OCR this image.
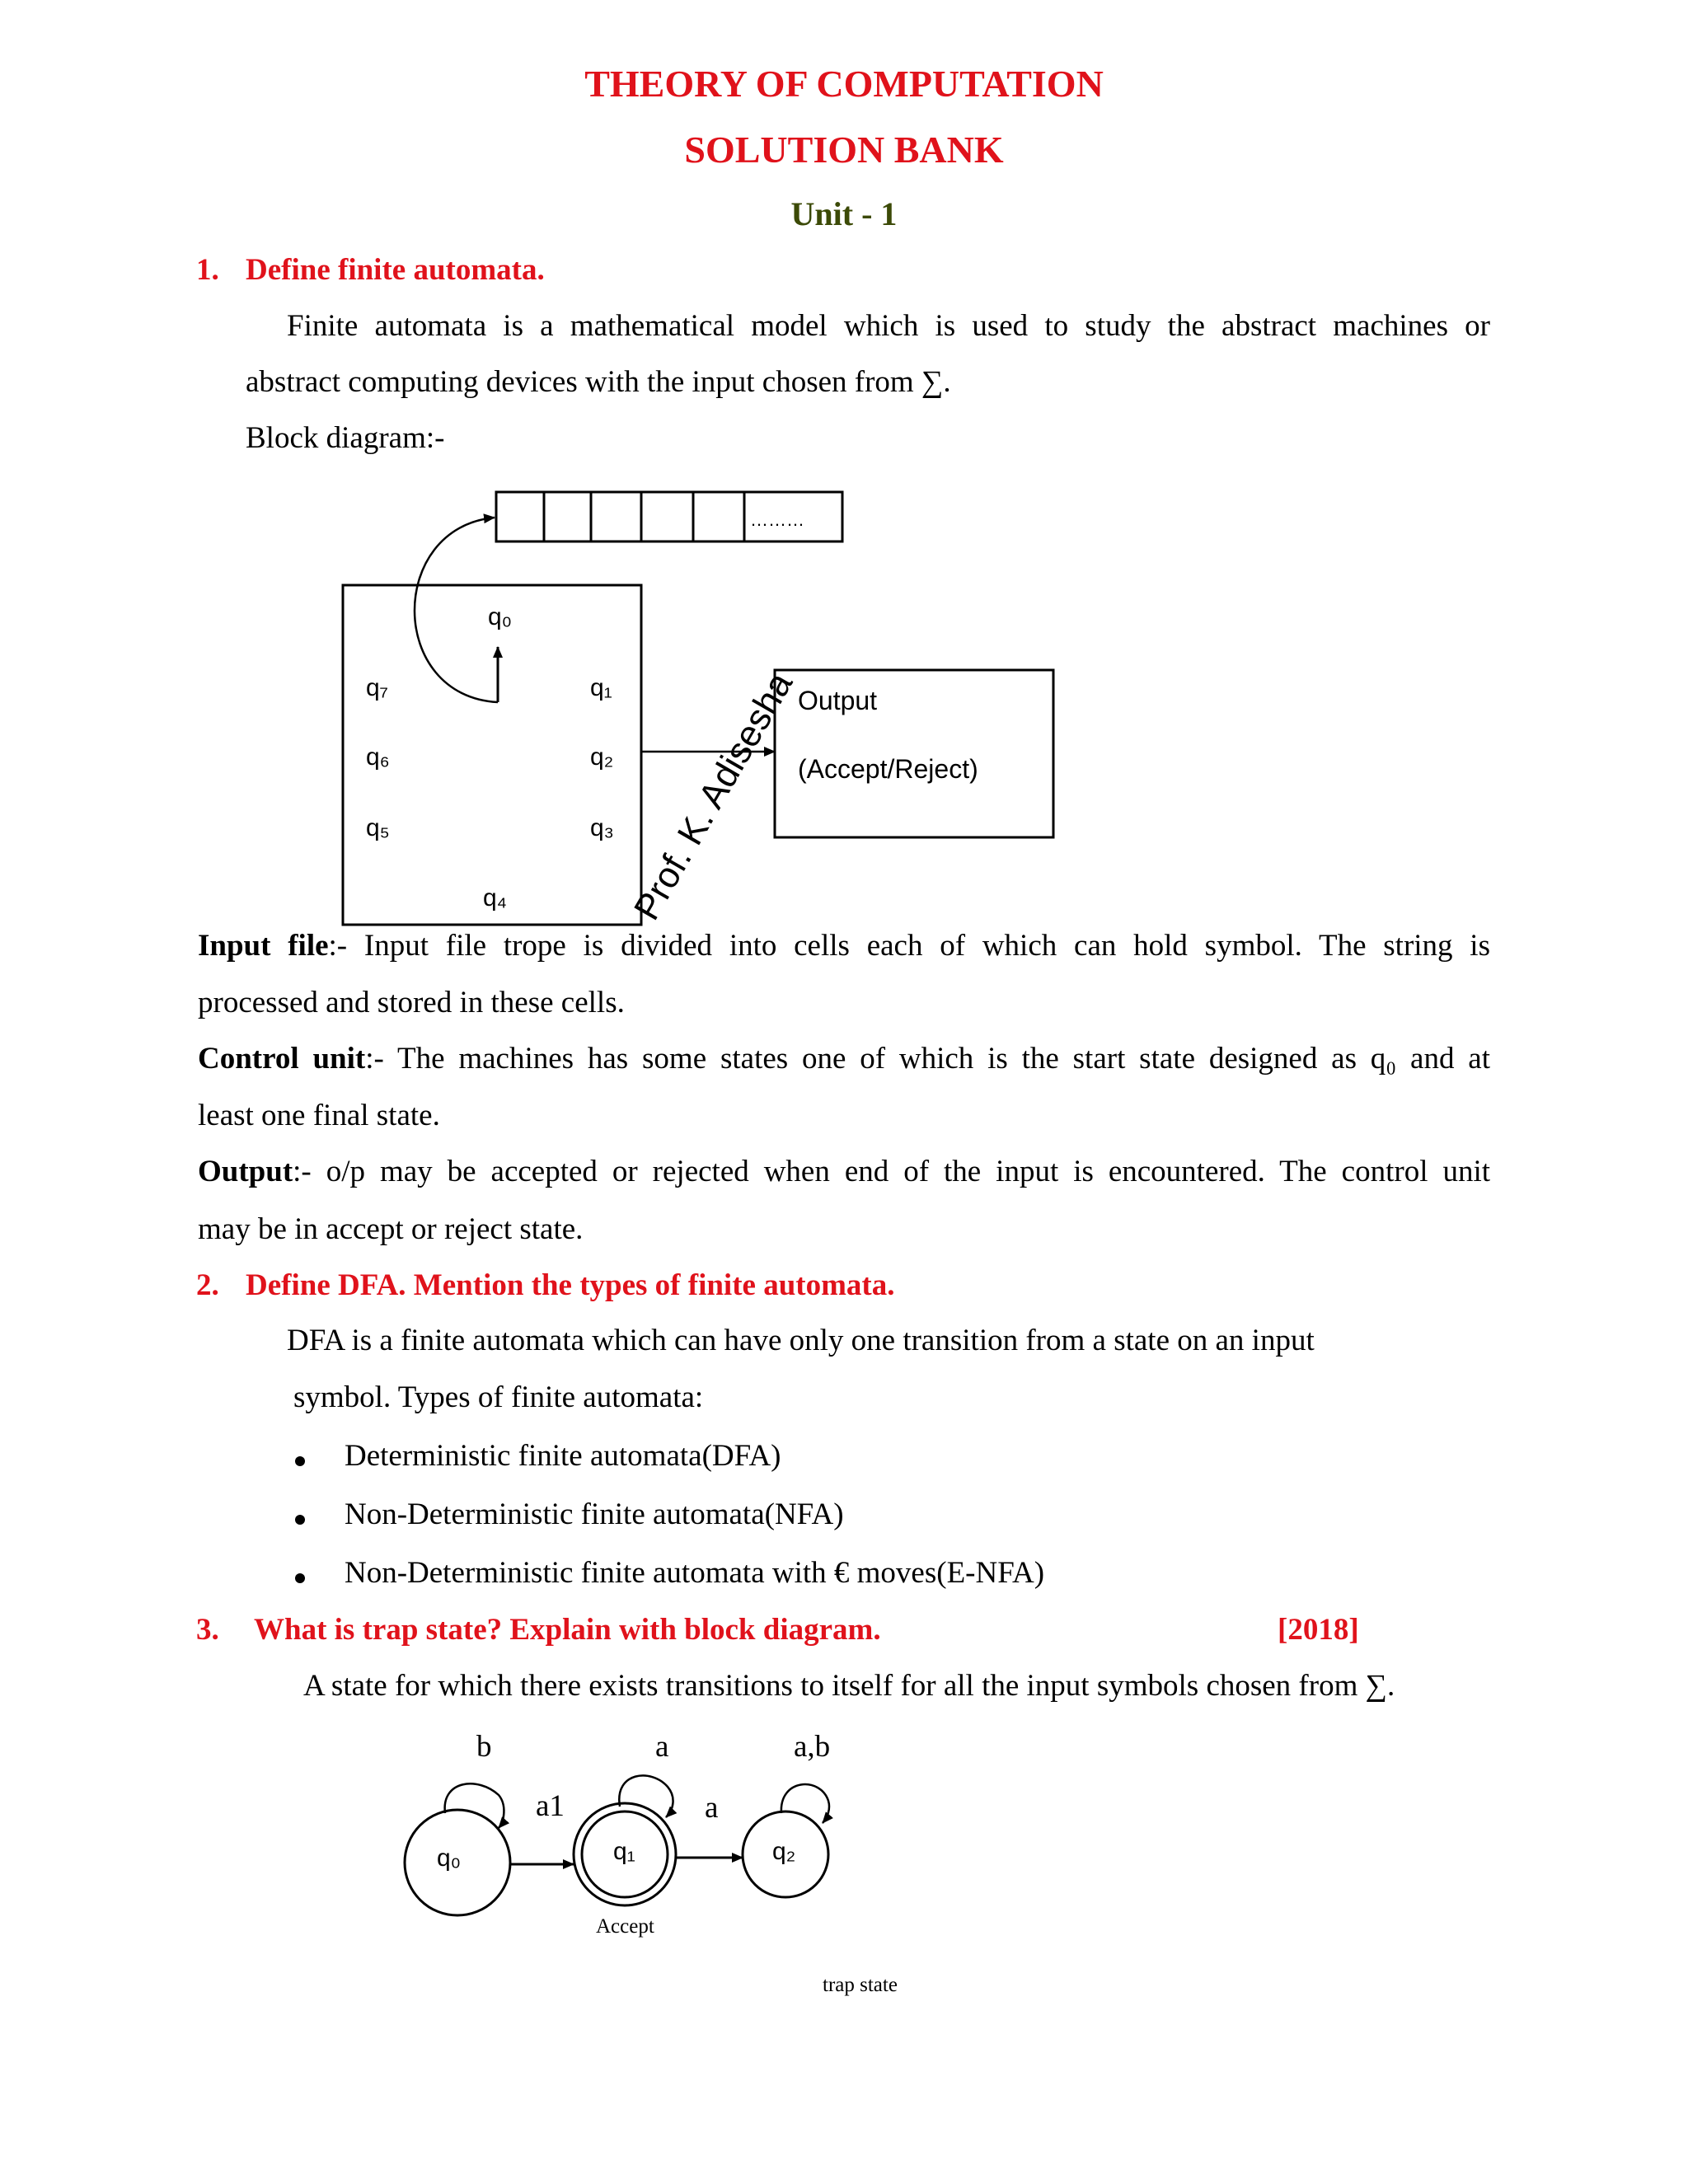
THEORY OF COMPUTATION
SOLUTION BANK
Unit - 1
1. Define finite automata.
Finite automata is a mathematical model which is used to study the abstract machines or
abstract computing devices with the input chosen from ∑.
Block diagram:-
………
q₀
q₁
q₂
q₃
q₄
q₅
q₆
q₇	Output
(Accept/Reject)
Input file:- Input file trope is divided into cells each of which can hold symbol. The string is
processed and stored in these cells.
Control unit:- The machines has some states one of which is the start state designed as q₀ and at
least one final state.
Output:- o/p may be accepted or rejected when end of the input is encountered. The control unit
may be in accept or reject state.
2. Define DFA. Mention the types of finite automata.
DFA is a finite automata which can have only one transition from a state on an input
symbol. Types of finite automata:
Deterministic finite automata(DFA)
Non-Deterministic finite automata(NFA)
Non-Deterministic finite automata with € moves(E-NFA)
3. What is trap state? Explain with block diagram.	[2018]
A state for which there exists transitions to itself for all the input symbols chosen from ∑.
q₀	q₁	q₂
b	a	a,b
a1	a
Accept
trap state
Prof. K. Adisesha
